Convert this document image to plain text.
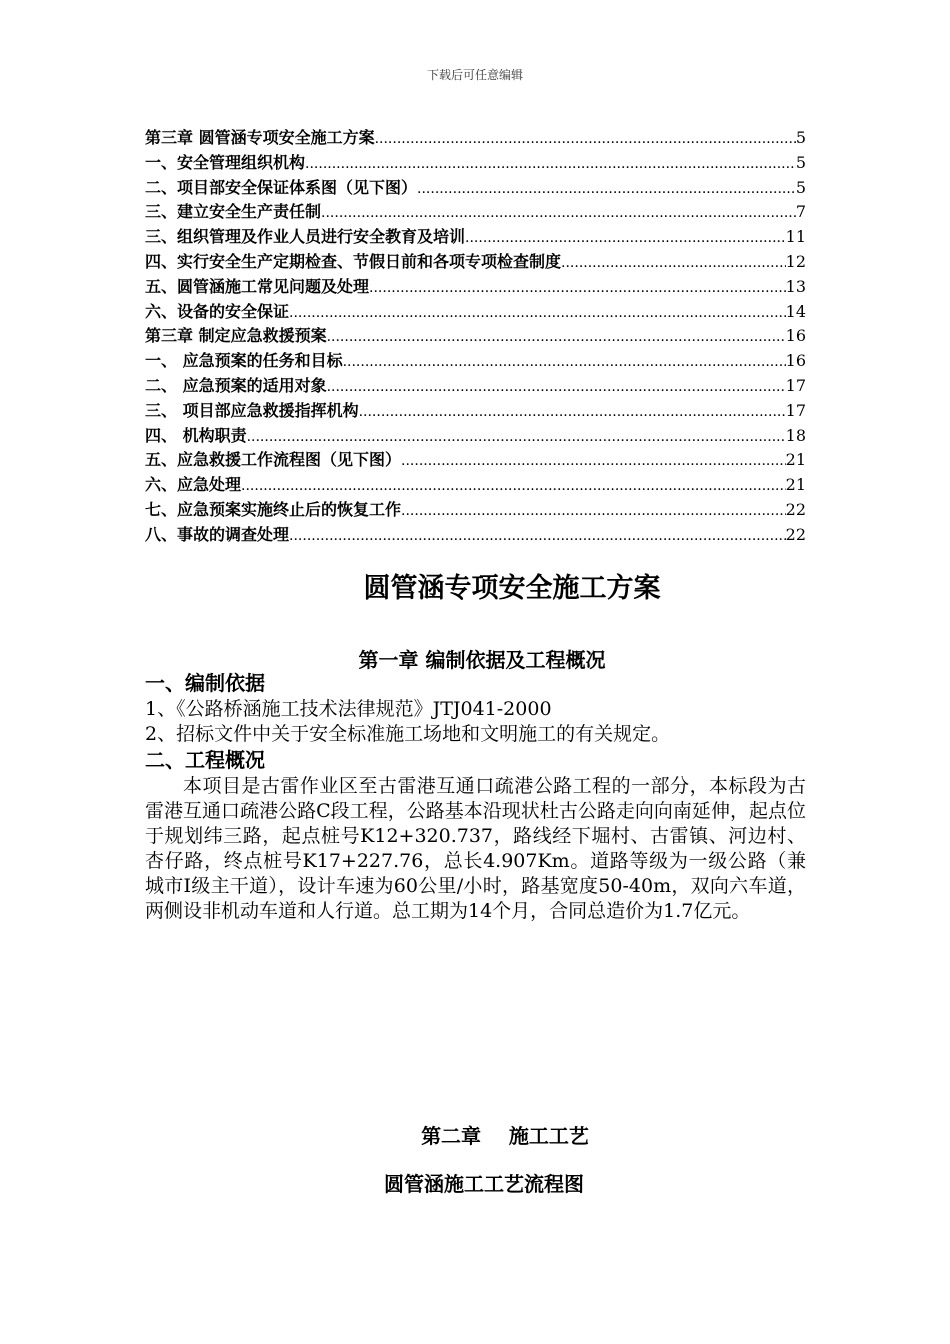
下载后可任意编辑
第三章 圆管涵专项安全施工方案 .....	5
一、安全管理组织机构 .....	5
二、项目部安全保证体系图（见下图） .....	5
三、建立安全生产责任制 .....	7
三、组织管理及作业人员进行安全教育及培训 .....	11
四、实行安全生产定期检查、节假日前和各项专项检查制度 .....	12
五、圆管涵施工常见问题及处理 .....	13
六、设备的安全保证 .....	14
第三章 制定应急救援预案 .....	16
一、 应急预案的任务和目标 .....	16
二、 应急预案的适用对象 .....	17
三、 项目部应急救援指挥机构 .....	17
四、 机构职责 .....	18
五、应急救援工作流程图（见下图） .....	21
六、应急处理 .....	21
七、应急预案实施终止后的恢复工作 .....	22
八、事故的调查处理 .....	22
圆管涵专项安全施工方案
第一章 编制依据及工程概况

一、编制依据

1、《公路桥涵施工技术法律规范》JTJ041-2000

2、招标文件中关于安全标准施工场地和文明施工的有关规定。

二、工程概况

本项目是古雷作业区至古雷港互通口疏港公路工程的一部分，本标段为古雷港互通口疏港公路C段工程，公路基本沿现状杜古公路走向向南延伸，起点位于规划纬三路，起点桩号K12+320.737，路线经下堀村、古雷镇、河边村、杏仔路，终点桩号K17+227.76，总长4.907Km。道路等级为一级公路（兼城市I级主干道），设计车速为60公里/小时，路基宽度50-40m，双向六车道，两侧设非机动车道和人行道。总工期为14个月，合同总造价为1.7亿元。

第二章    施工工艺
圆管涵施工工艺流程图
